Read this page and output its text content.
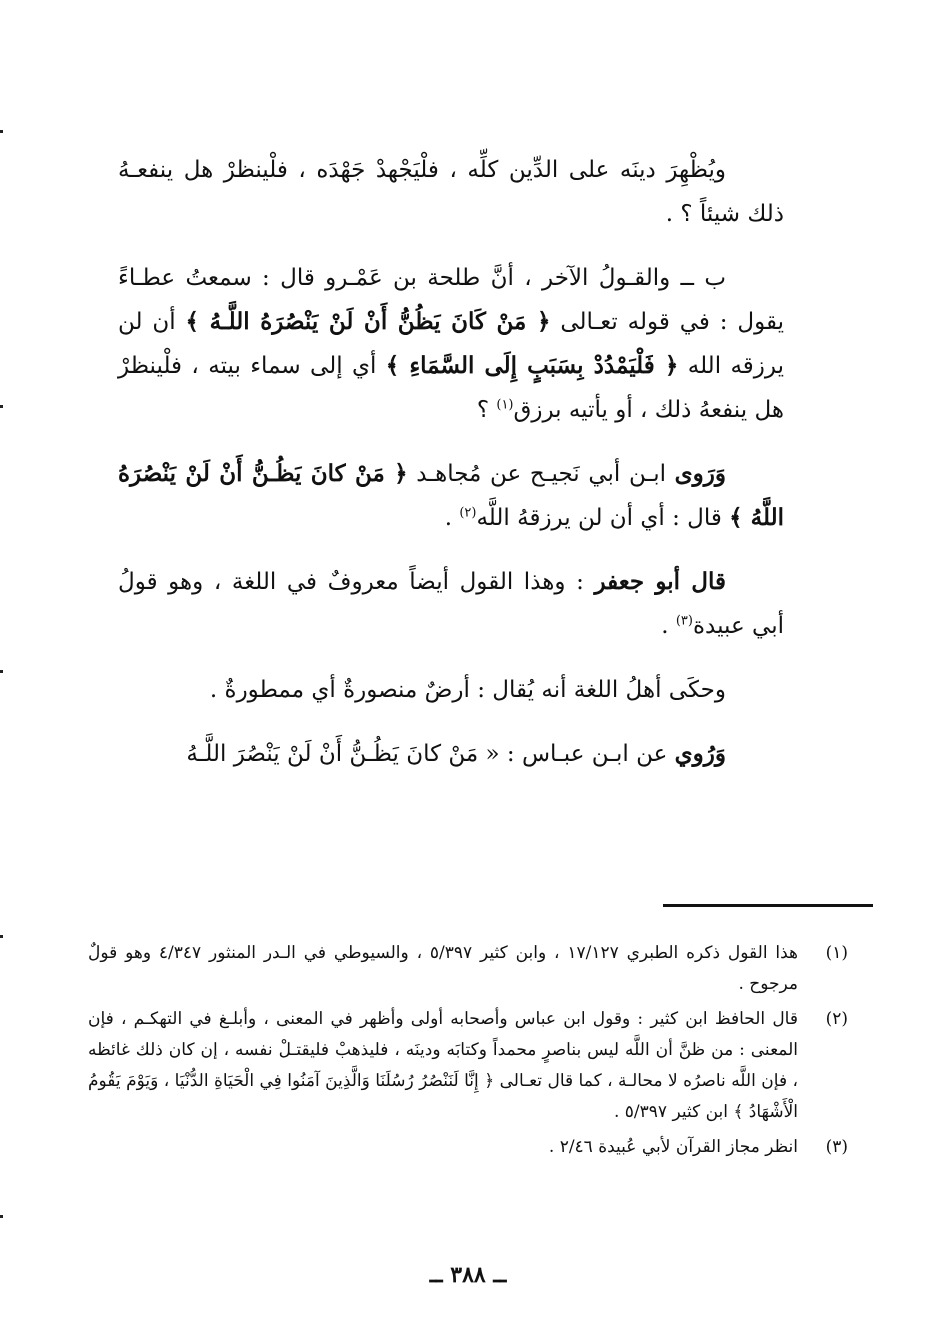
ويُظْهِرَ دينَه على الدِّين كلِّه ، فلْيَجْهدْ جَهْدَه ، فلْينظرْ هل ينفعـهُ ذلك شيئاً ؟ .

ب ــ والقـولُ الآخر ، أنَّ طلحة بن عَمْـرو قال : سمعتُ عطـاءً يقول : في قوله تعـالى ﴿ مَنْ كَانَ يَظُنُّ أَنْ لَنْ يَنْصُرَهُ اللَّـهُ ﴾ أن لن يرزقه الله ﴿ فَلْيَمْدُدْ بِسَبَبٍ إِلَى السَّمَاءِ ﴾ أي إلى سماء بيته ، فلْينظرْ هل ينفعهُ ذلك ، أو يأتيه برزق$^{(١)}$ ؟

وَرَوى ابـن أبي نَجيـح عن مُجاهـد ﴿ مَنْ كانَ يَظُـنُّ أَنْ لَنْ يَنْصُرَهُ اللَّهُ ﴾ قال : أي أن لن يرزقهُ اللَّه$^{(٢)}$ .

قال أبو جعفر : وهذا القول أيضاً معروفٌ في اللغة ، وهو قولُ أبي عبيدة$^{(٣)}$ .

وحكَى أهلُ اللغة أنه يُقال : أرضٌ منصورةٌ أي ممطورةٌ .

وَرُوي عن ابـن عبـاس : « مَنْ كانَ يَظُـنُّ أَنْ لَنْ يَنْصُرَ اللَّـهُ

(١)
هذا القول ذكره الطبري ١٧/١٢٧ ، وابن كثير ٥/٣٩٧ ، والسيوطي في الـدر المنثور ٤/٣٤٧ وهو قولٌ مرجوح .
(٢)
قال الحافظ ابن كثير : وقول ابن عباس وأصحابه أولى وأظهر في المعنى ، وأبلـغ في التهكـم ، فإن المعنى : من ظنَّ أن اللَّه ليس بناصرٍ محمداً وكتابَه ودينَه ، فليذهبْ فليقتـلْ نفسه ، إن كان ذلك غائظه ، فإن اللَّه ناصرُه لا محالـة ، كما قال تعـالى ﴿ إِنَّا لَنَنْصُرُ رُسُلَنَا وَالَّذِينَ آمَنُوا فِي الْحَيَاةِ الدُّنْيَا ، وَيَوْمَ يَقُومُ الْأَشْهَادُ ﴾ ابن كثير ٥/٣٩٧ .
(٣)
انظر مجاز القرآن لأبي عُبيدة ٢/٤٦ .
ــ ٣٨٨ ــ
